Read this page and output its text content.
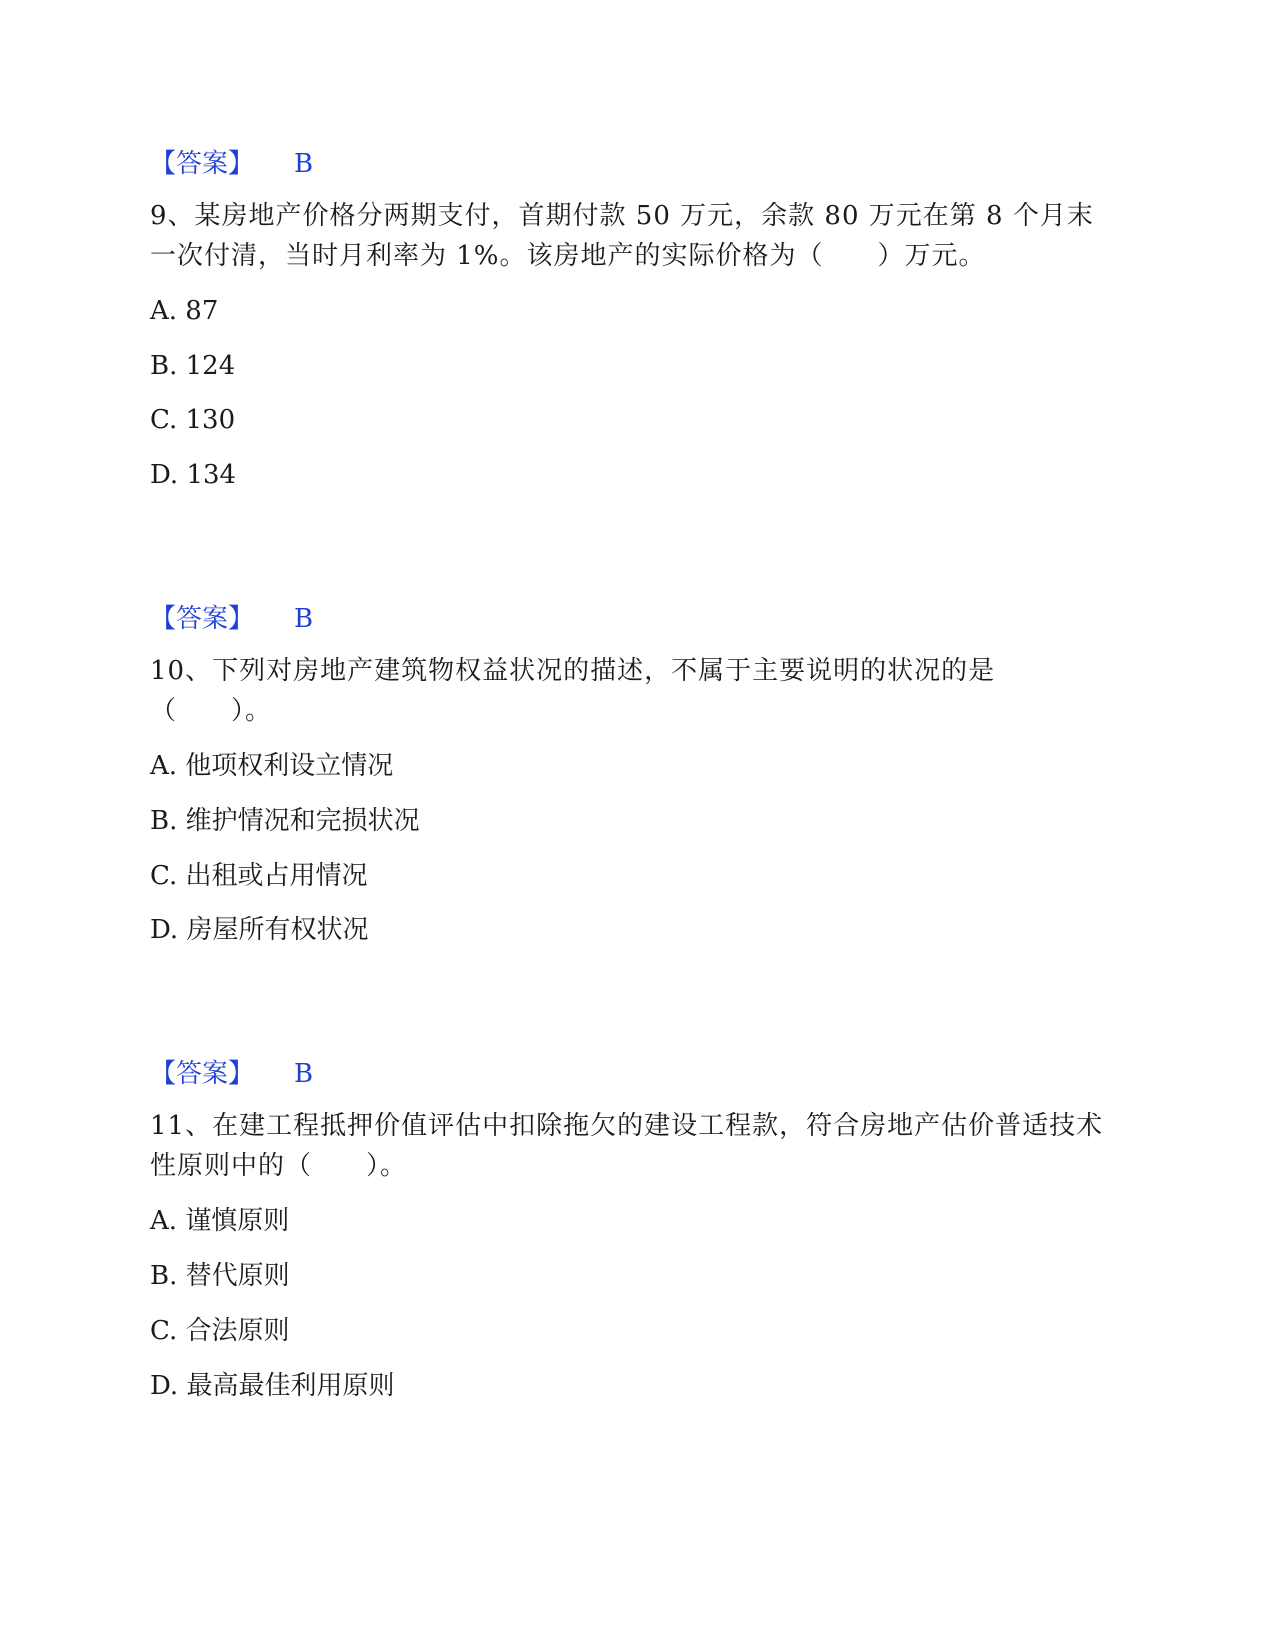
【答案】 B
9、某房地产价格分两期支付，首期付款 50 万元，余款 80 万元在第 8 个月末一次付清，当时月利率为 1%。该房地产的实际价格为（　　）万元。
A. 87
B. 124
C. 130
D. 134
【答案】 B
10、下列对房地产建筑物权益状况的描述，不属于主要说明的状况的是（　　）。
A. 他项权利设立情况
B. 维护情况和完损状况
C. 出租或占用情况
D. 房屋所有权状况
【答案】 B
11、在建工程抵押价值评估中扣除拖欠的建设工程款，符合房地产估价普适技术性原则中的（　　）。
A. 谨慎原则
B. 替代原则
C. 合法原则
D. 最高最佳利用原则
